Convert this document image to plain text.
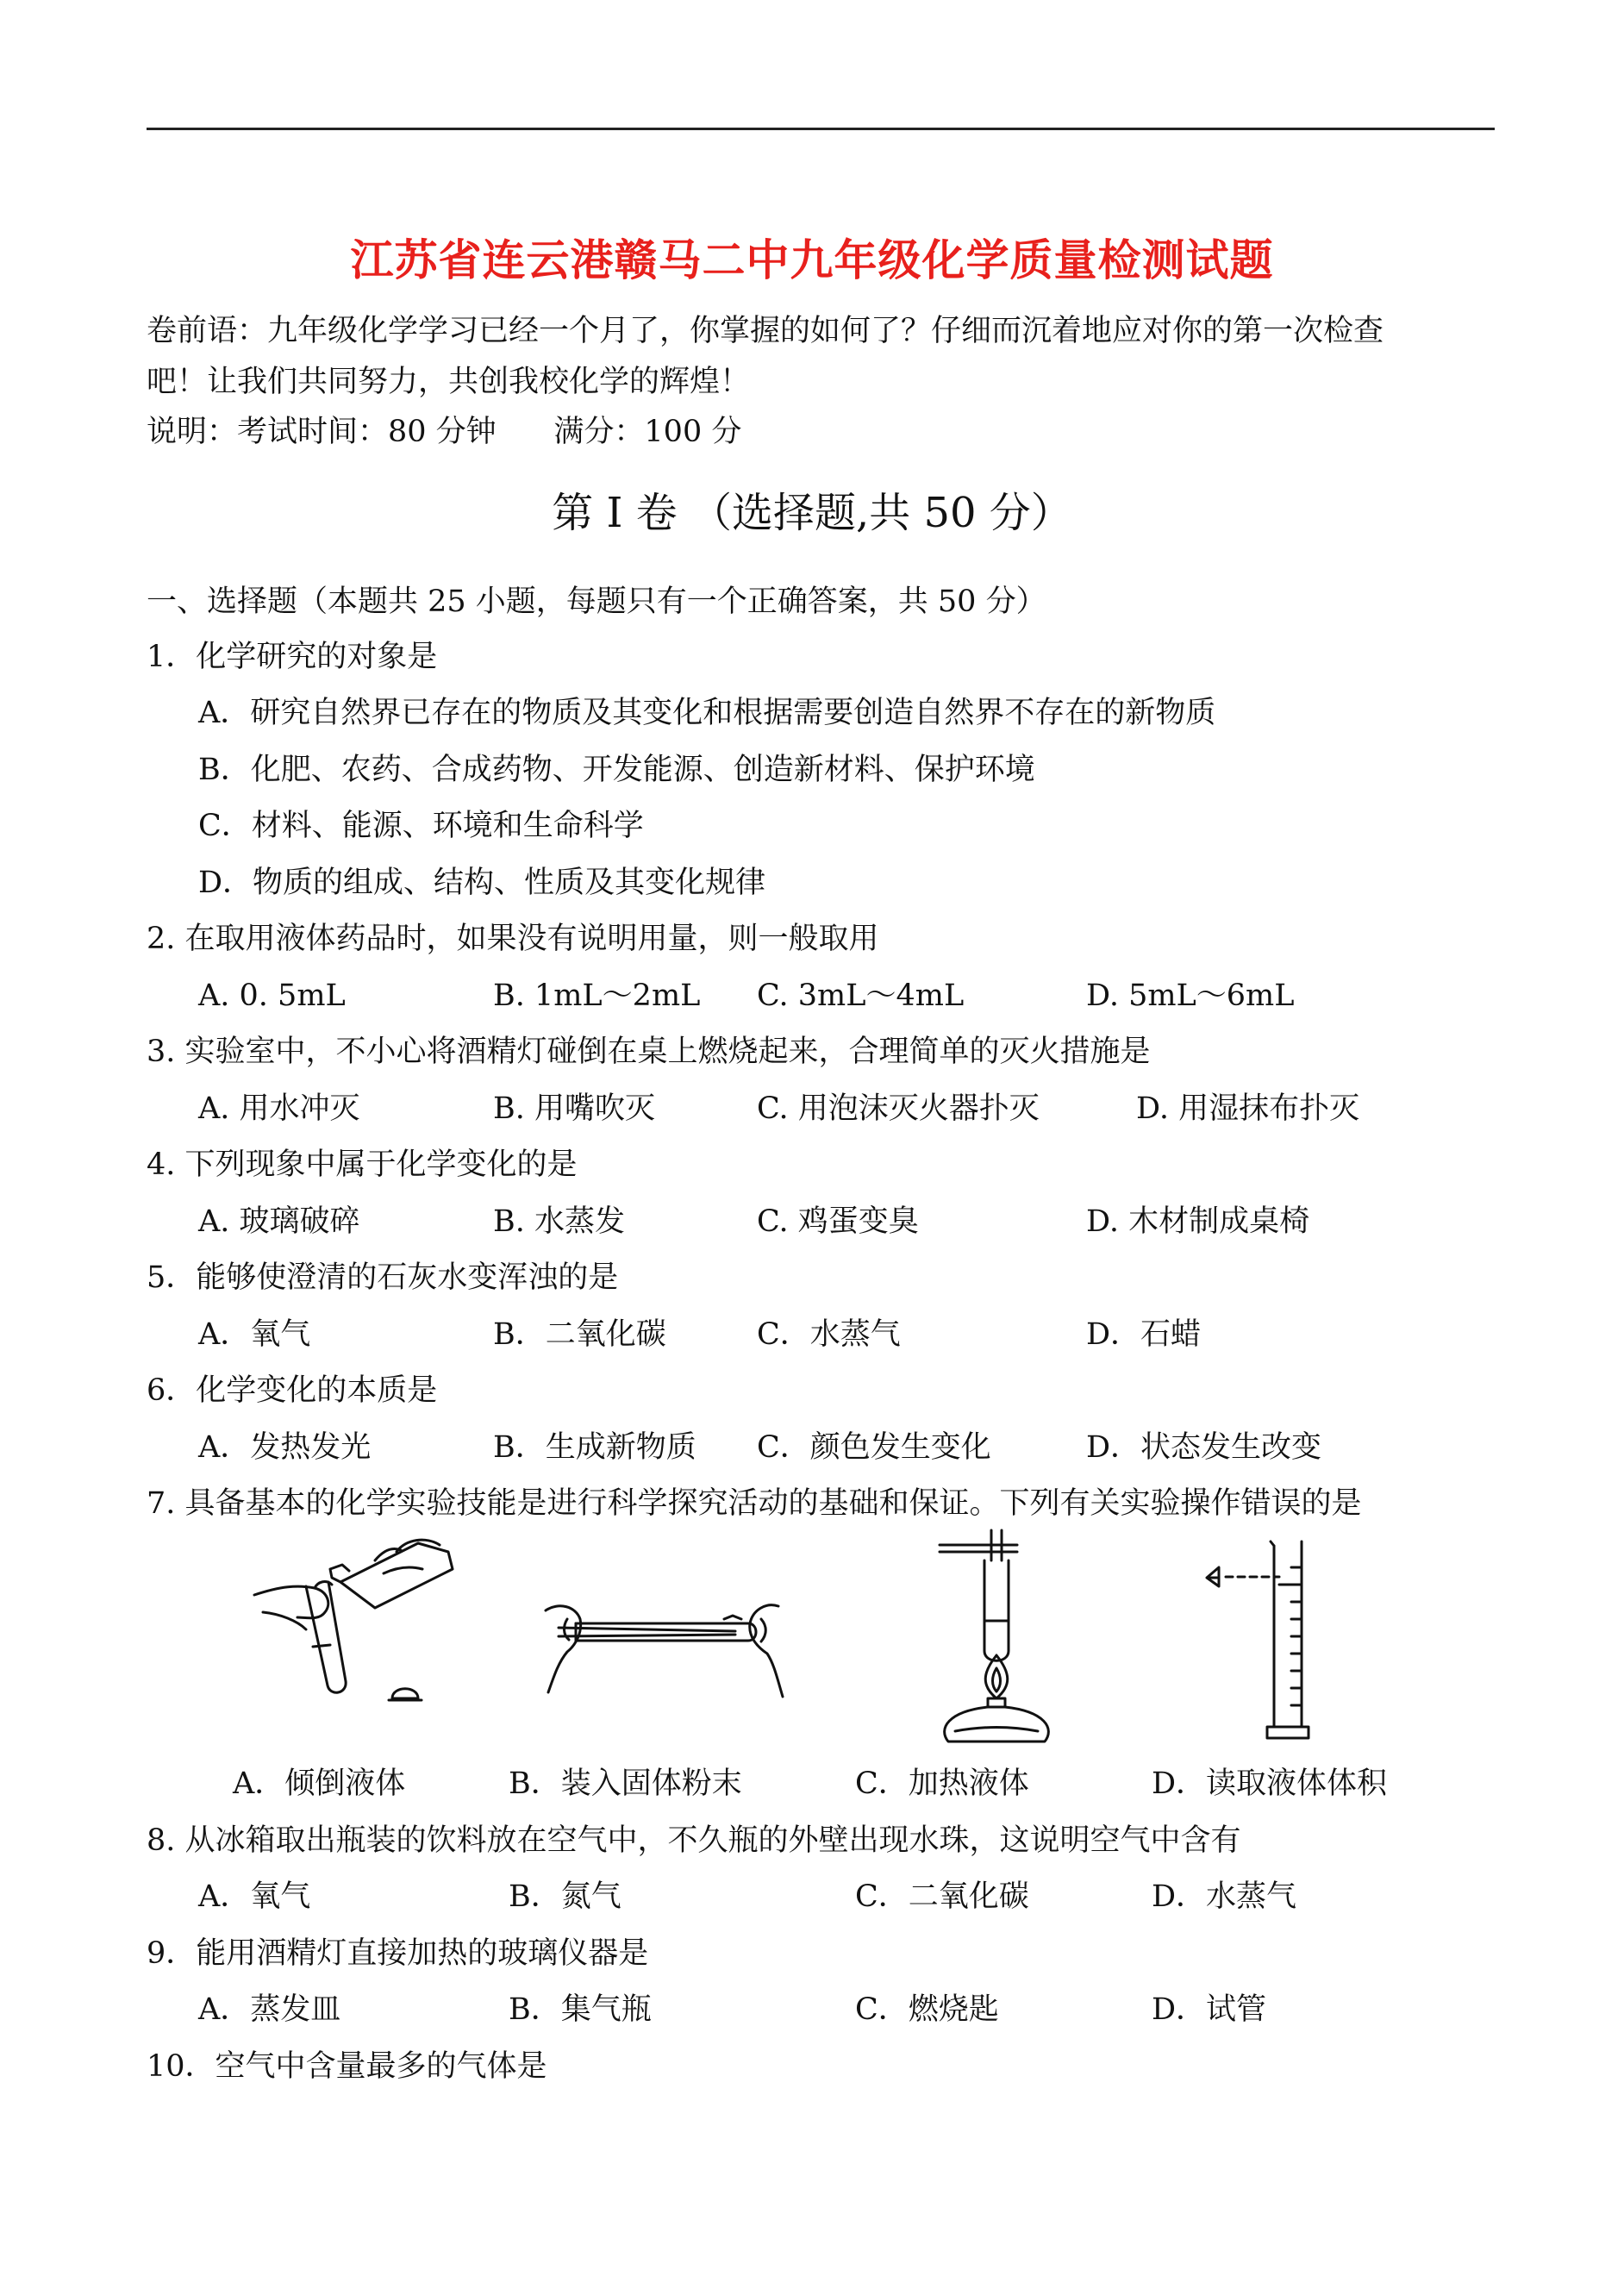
江苏省连云港赣马二中九年级化学质量检测试题
卷前语：九年级化学学习已经一个月了，你掌握的如何了？仔细而沉着地应对你的第一次检查
吧！让我们共同努力，共创我校化学的辉煌！
说明：考试时间：80 分钟      满分：100 分
第 Ⅰ 卷 （选择题,共 50 分）
一、选择题（本题共 25 小题，每题只有一个正确答案，共 50 分）
1．化学研究的对象是
A．研究自然界已存在的物质及其变化和根据需要创造自然界不存在的新物质
B．化肥、农药、合成药物、开发能源、创造新材料、保护环境
C．材料、能源、环境和生命科学
D．物质的组成、结构、性质及其变化规律
2. 在取用液体药品时，如果没有说明用量，则一般取用
A. 0. 5mL	B. 1mL～2mL C. 3mL～4mL	D. 5mL～6mL
3. 实验室中，不小心将酒精灯碰倒在桌上燃烧起来，合理简单的灭火措施是
A. 用水冲灭	B. 用嘴吹灭	C. 用泡沫灭火器扑灭	D. 用湿抹布扑灭
4. 下列现象中属于化学变化的是
A. 玻璃破碎	B. 水蒸发	C. 鸡蛋变臭	D. 木材制成桌椅
5．能够使澄清的石灰水变浑浊的是
A．氧气	B．二氧化碳	C．水蒸气	D．石蜡
6．化学变化的本质是
A．发热发光	B．生成新物质 C．颜色发生变化	D．状态发生改变
7. 具备基本的化学实验技能是进行科学探究活动的基础和保证。下列有关实验操作错误的是
A．倾倒液体	B．装入固体粉末	C．加热液体	D．读取液体体积
8. 从冰箱取出瓶装的饮料放在空气中，不久瓶的外壁出现水珠，这说明空气中含有
A．氧气	B．氮气	C．二氧化碳	D．水蒸气
9．能用酒精灯直接加热的玻璃仪器是
A．蒸发皿	B．集气瓶	C．燃烧匙	D．试管
10．空气中含量最多的气体是
